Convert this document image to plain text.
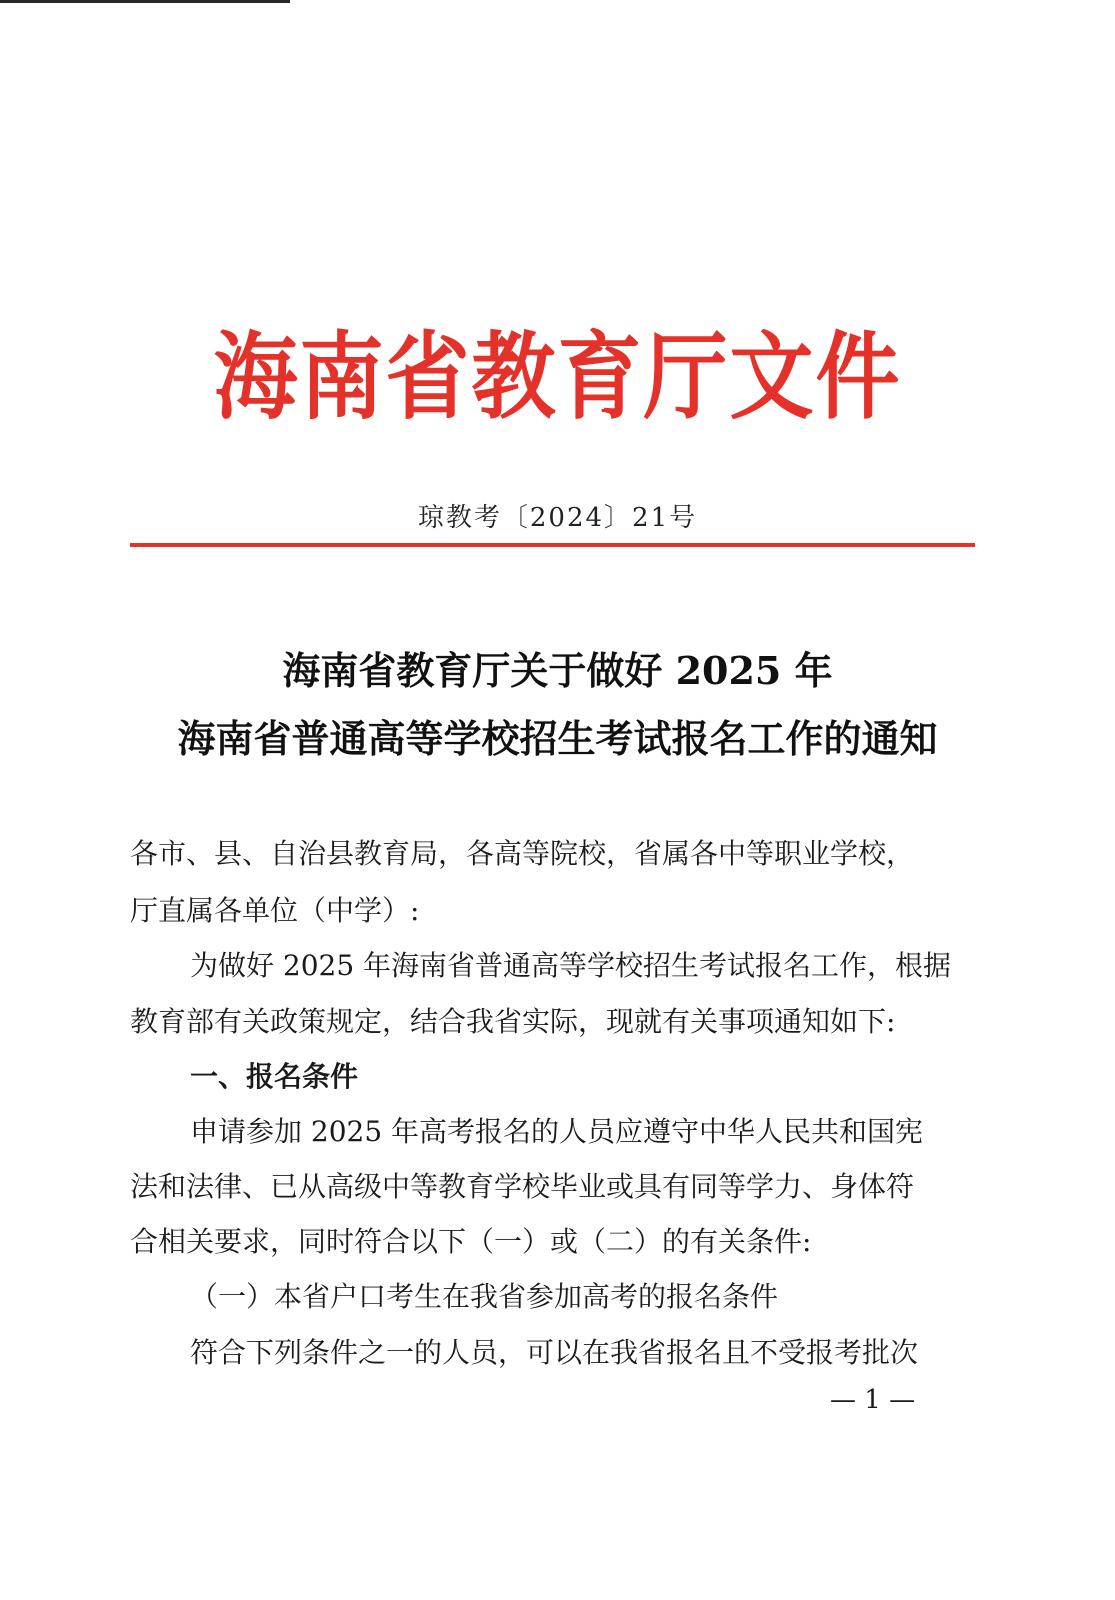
海南省教育厅文件
琼教考〔2024〕21号
海南省教育厅关于做好 2025 年
海南省普通高等学校招生考试报名工作的通知
各市、县、自治县教育局，各高等院校，省属各中等职业学校，
厅直属各单位（中学）:
为做好 2025 年海南省普通高等学校招生考试报名工作，根据
教育部有关政策规定，结合我省实际，现就有关事项通知如下:
一、报名条件
申请参加 2025 年高考报名的人员应遵守中华人民共和国宪
法和法律、已从高级中等教育学校毕业或具有同等学力、身体符
合相关要求，同时符合以下（一）或（二）的有关条件:
（一）本省户口考生在我省参加高考的报名条件
符合下列条件之一的人员，可以在我省报名且不受报考批次
— 1 —
